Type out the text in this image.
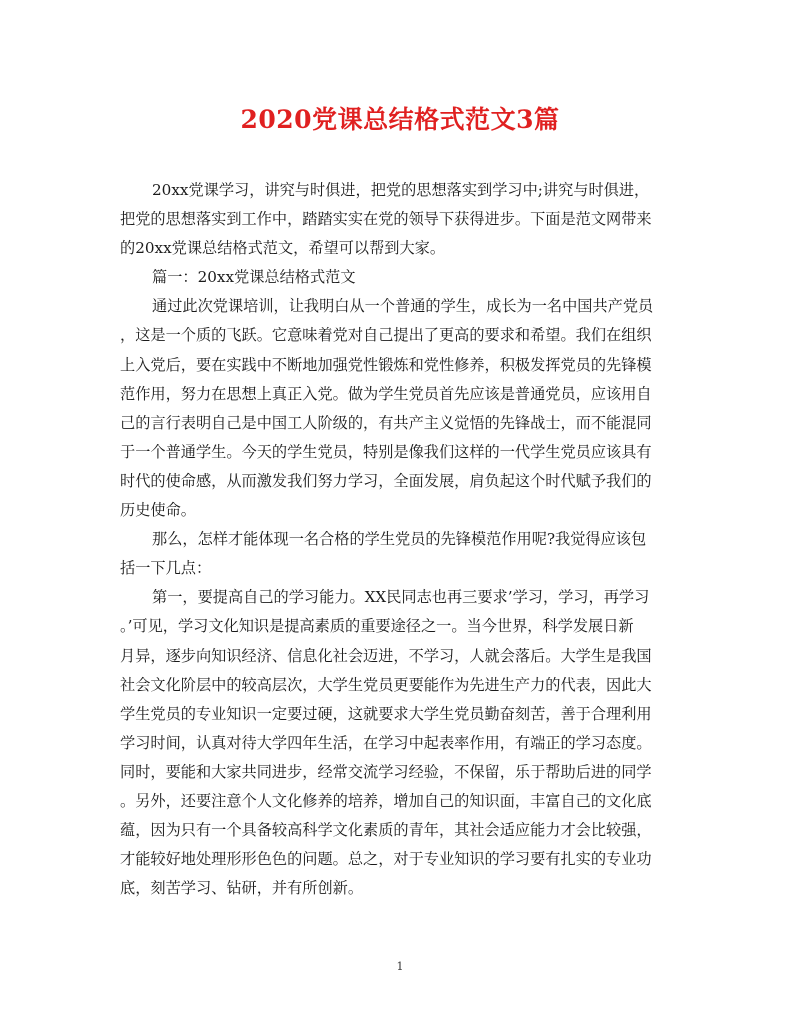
2020党课总结格式范文3篇
20xx党课学习，讲究与时俱进，把党的思想落实到学习中;讲究与时俱进，
把党的思想落实到工作中，踏踏实实在党的领导下获得进步。下面是范文网带来
的20xx党课总结格式范文，希望可以帮到大家。
篇一：20xx党课总结格式范文
通过此次党课培训，让我明白从一个普通的学生，成长为一名中国共产党员
，这是一个质的飞跃。它意味着党对自己提出了更高的要求和希望。我们在组织
上入党后，要在实践中不断地加强党性锻炼和党性修养，积极发挥党员的先锋模
范作用，努力在思想上真正入党。做为学生党员首先应该是普通党员，应该用自
己的言行表明自己是中国工人阶级的，有共产主义觉悟的先锋战士，而不能混同
于一个普通学生。今天的学生党员，特别是像我们这样的一代学生党员应该具有
时代的使命感，从而激发我们努力学习，全面发展，肩负起这个时代赋予我们的
历史使命。
那么，怎样才能体现一名合格的学生党员的先锋模范作用呢?我觉得应该包
括一下几点：
第一，要提高自己的学习能力。XX民同志也再三要求’学习，学习，再学习
。’可见，学习文化知识是提高素质的重要途径之一。当今世界，科学发展日新
月异，逐步向知识经济、信息化社会迈进，不学习，人就会落后。大学生是我国
社会文化阶层中的较高层次，大学生党员更要能作为先进生产力的代表，因此大
学生党员的专业知识一定要过硬，这就要求大学生党员勤奋刻苦，善于合理利用
学习时间，认真对待大学四年生活，在学习中起表率作用，有端正的学习态度。
同时，要能和大家共同进步，经常交流学习经验，不保留，乐于帮助后进的同学
。另外，还要注意个人文化修养的培养，增加自己的知识面，丰富自己的文化底
蕴，因为只有一个具备较高科学文化素质的青年，其社会适应能力才会比较强，
才能较好地处理形形色色的问题。总之，对于专业知识的学习要有扎实的专业功
底，刻苦学习、钻研，并有所创新。
1
